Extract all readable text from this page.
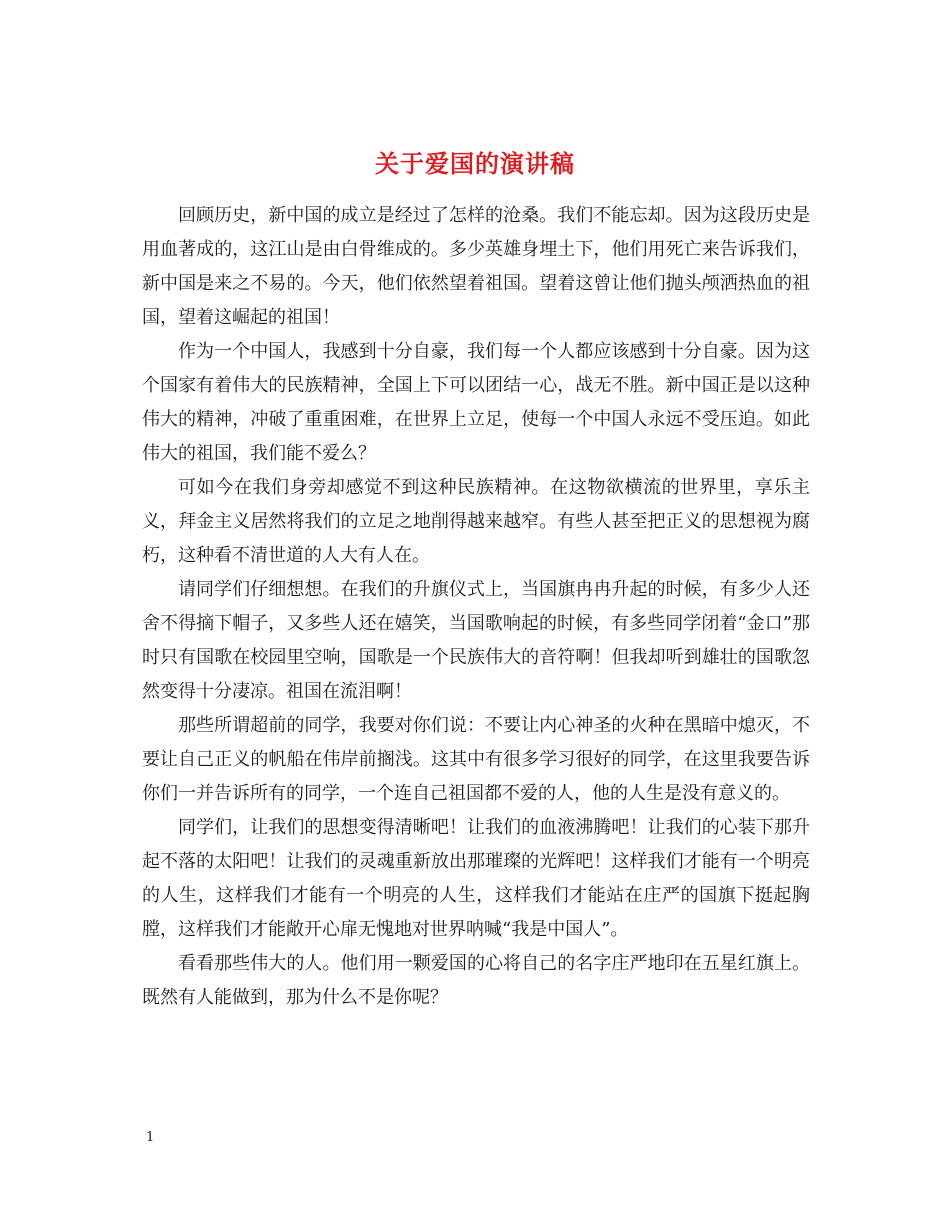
关于爱国的演讲稿

回顾历史，新中国的成立是经过了怎样的沧桑。我们不能忘却。因为这段历史是用血著成的，这江山是由白骨维成的。多少英雄身埋土下，他们用死亡来告诉我们，新中国是来之不易的。今天，他们依然望着祖国。望着这曾让他们抛头颅洒热血的祖国，望着这崛起的祖国！

作为一个中国人，我感到十分自豪，我们每一个人都应该感到十分自豪。因为这个国家有着伟大的民族精神，全国上下可以团结一心，战无不胜。新中国正是以这种伟大的精神，冲破了重重困难，在世界上立足，使每一个中国人永远不受压迫。如此伟大的祖国，我们能不爱么？

可如今在我们身旁却感觉不到这种民族精神。在这物欲横流的世界里，享乐主义，拜金主义居然将我们的立足之地削得越来越窄。有些人甚至把正义的思想视为腐朽，这种看不清世道的人大有人在。

请同学们仔细想想。在我们的升旗仪式上，当国旗冉冉升起的时候，有多少人还舍不得摘下帽子，又多些人还在嬉笑，当国歌响起的时候，有多些同学闭着“金口”那时只有国歌在校园里空响，国歌是一个民族伟大的音符啊！但我却听到雄壮的国歌忽然变得十分凄凉。祖国在流泪啊！

那些所谓超前的同学，我要对你们说：不要让内心神圣的火种在黑暗中熄灭，不要让自己正义的帆船在伟岸前搁浅。这其中有很多学习很好的同学，在这里我要告诉你们一并告诉所有的同学，一个连自己祖国都不爱的人，他的人生是没有意义的。

同学们，让我们的思想变得清晰吧！让我们的血液沸腾吧！让我们的心装下那升起不落的太阳吧！让我们的灵魂重新放出那璀璨的光辉吧！这样我们才能有一个明亮的人生，这样我们才能有一个明亮的人生，这样我们才能站在庄严的国旗下挺起胸膛，这样我们才能敞开心扉无愧地对世界呐喊“我是中国人”。

看看那些伟大的人。他们用一颗爱国的心将自己的名字庄严地印在五星红旗上。既然有人能做到，那为什么不是你呢？

1
